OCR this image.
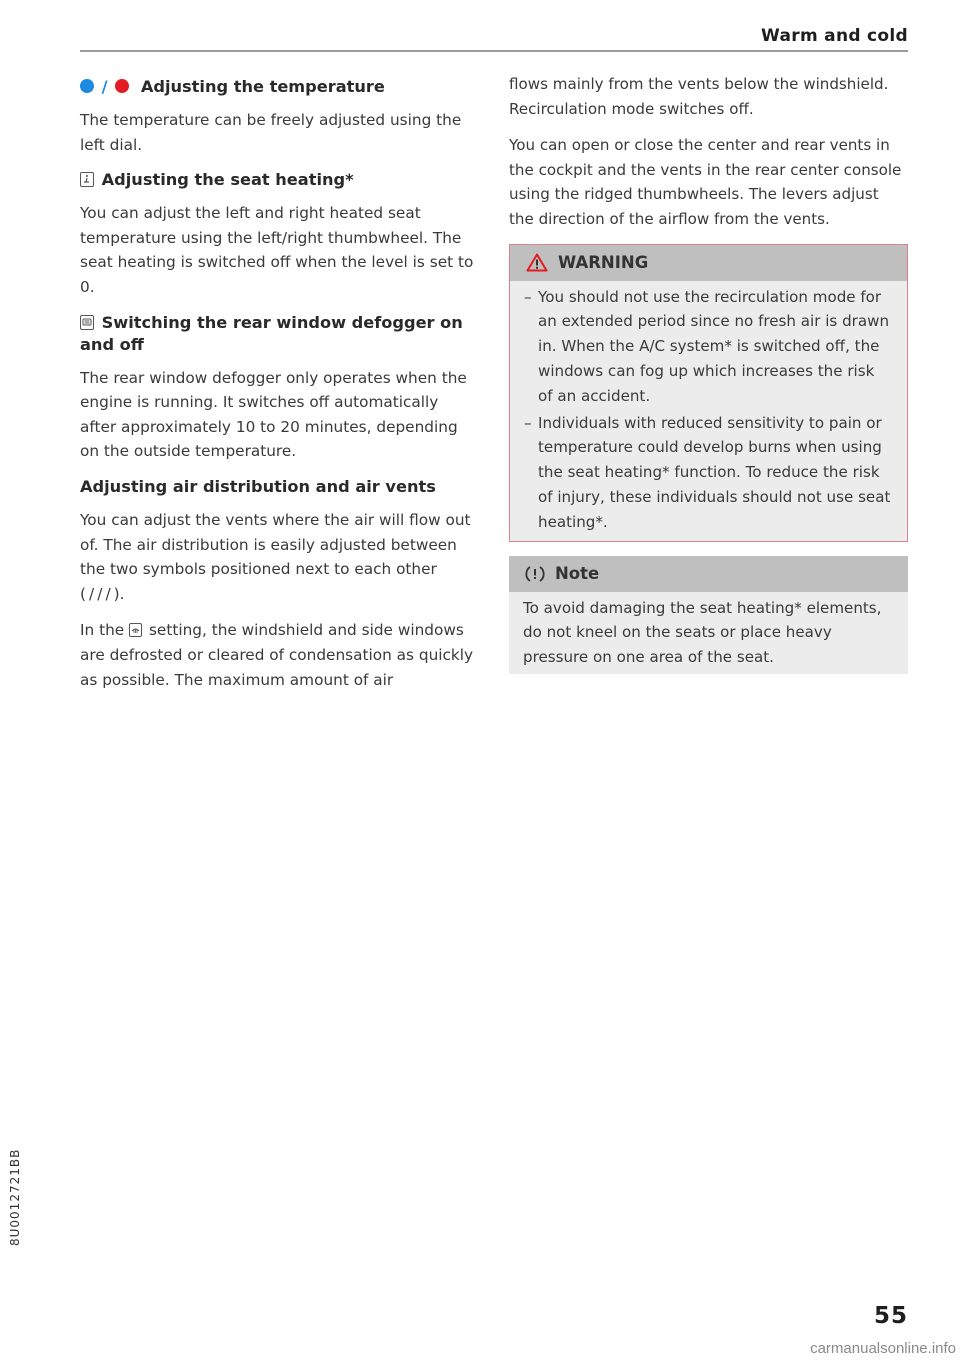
Warm and cold
/  Adjusting the temperature

The temperature can be freely adjusted using the left dial.

Adjusting the seat heating*

You can adjust the left and right heated seat temperature using the left/right thumbwheel. The seat heating is switched off when the level is set to 0.

Switching the rear window defogger on and off

The rear window defogger only operates when the engine is running. It switches off automatically after approximately 10 to 20 minutes, depending on the outside temperature.

Adjusting air distribution and air vents

You can adjust the vents where the air will flow out of. The air distribution is easily adjusted between the two symbols positioned next to each other ( / / / ).

In the setting, the windshield and side windows are defrosted or cleared of condensation as quickly as possible. The maximum amount of air

flows mainly from the vents below the windshield. Recirculation mode switches off.

You can open or close the center and rear vents in the cockpit and the vents in the rear center console using the ridged thumbwheels. The levers adjust the direction of the airflow from the vents.

WARNING
– You should not use the recirculation mode for an extended period since no fresh air is drawn in. When the A/C system* is switched off, the windows can fog up which increases the risk of an accident.
– Individuals with reduced sensitivity to pain or temperature could develop burns when using the seat heating* function. To reduce the risk of injury, these individuals should not use seat heating*.
Note
To avoid damaging the seat heating* elements, do not kneel on the seats or place heavy pressure on one area of the seat.
8U0012721BB
55
carmanualsonline.info
